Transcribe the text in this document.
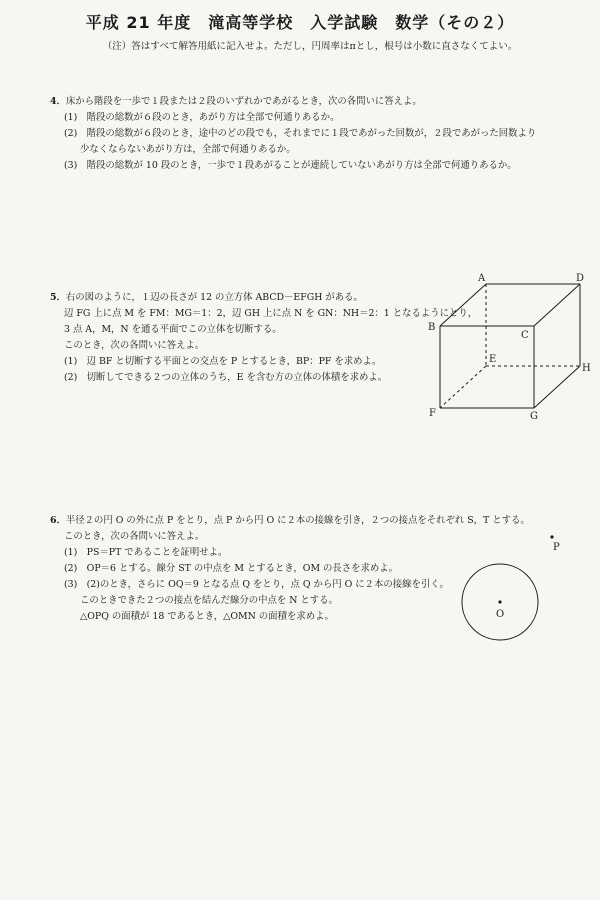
平成 21 年度　滝高等学校　入学試験　数学（その２）
（注）答はすべて解答用紙に記入せよ。ただし，円周率はπとし，根号は小数に直さなくてよい。
4．床から階段を一歩で１段または２段のいずれかであがるとき，次の各問いに答えよ。
(1)　階段の総数が６段のとき，あがり方は全部で何通りあるか。
(2)　階段の総数が６段のとき，途中のどの段でも，それまでに１段であがった回数が，２段であがった回数より
少なくならないあがり方は，全部で何通りあるか。
(3)　階段の総数が 10 段のとき，一歩で１段あがることが連続していないあがり方は全部で何通りあるか。
5．右の図のように，１辺の長さが 12 の立方体 ABCD－EFGH がある。
辺 FG 上に点 M を FM：MG＝1：2，辺 GH 上に点 N を GN：NH＝2：1 となるようにとり，
3 点 A，M，N を通る平面でこの立体を切断する。
このとき，次の各問いに答えよ。
(1)　辺 BF と切断する平面との交点を P とするとき，BP：PF を求めよ。
(2)　切断してできる２つの立体のうち，E を含む方の立体の体積を求めよ。
A	D
B
C
E
H
F	G
6．半径２の円 O の外に点 P をとり，点 P から円 O に２本の接線を引き，２つの接点をそれぞれ S，T とする。
このとき，次の各問いに答えよ。
(1)　PS＝PT であることを証明せよ。
(2)　OP＝6 とする。線分 ST の中点を M とするとき，OM の長さを求めよ。
(3)　(2)のとき，さらに OQ＝9 となる点 Q をとり，点 Q から円 O に２本の接線を引く。
このときできた２つの接点を結んだ線分の中点を N とする。
△OPQ の面積が 18 であるとき，△OMN の面積を求めよ。	O
P
